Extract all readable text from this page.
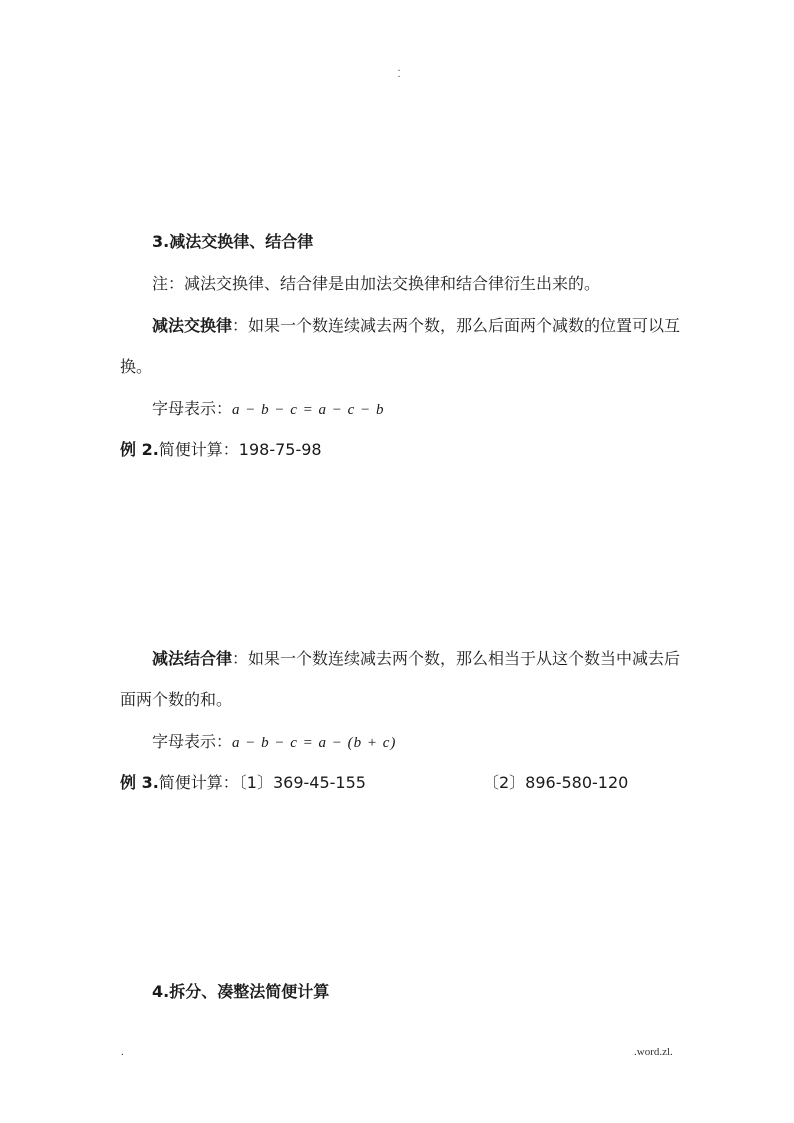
. .
3.减法交换律、结合律
注：减法交换律、结合律是由加法交换律和结合律衍生出来的。
减法交换律：如果一个数连续减去两个数，那么后面两个减数的位置可以互
换。
字母表示：a − b − c = a − c − b
例 2.简便计算：198-75-98
减法结合律：如果一个数连续减去两个数，那么相当于从这个数当中减去后
面两个数的和。
字母表示：a − b − c = a − (b + c)
例 3.简便计算：〔1〕369-45-155	〔2〕896-580-120
4.拆分、凑整法简便计算
.	.word.zl.
